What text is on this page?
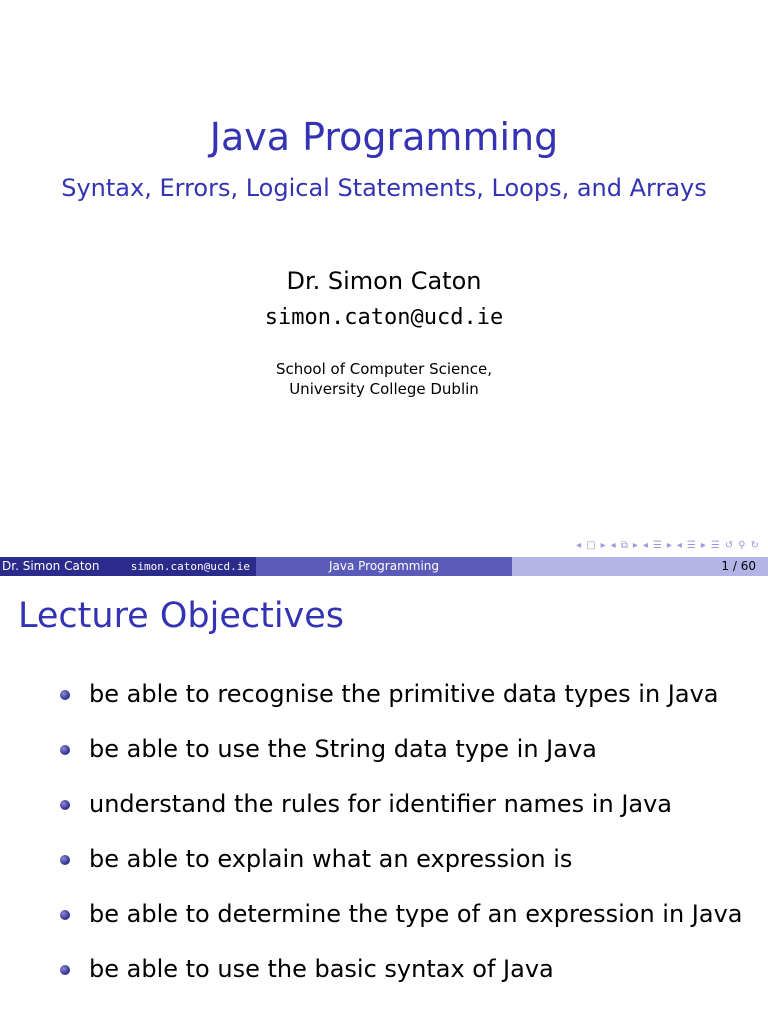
Java Programming
Syntax, Errors, Logical Statements, Loops, and Arrays
Dr. Simon Caton
simon.caton@ucd.ie
School of Computer Science,
University College Dublin
◂ □ ▸ ◂ ⧉ ▸ ◂ ☰ ▸ ◂ ☰ ▸ ☰ ↺ ⚲ ↻
Dr. Simon Caton	simon.caton@ucd.ie	Java Programming	1 / 60
Lecture Objectives
be able to recognise the primitive data types in Java
be able to use the String data type in Java
understand the rules for identifier names in Java
be able to explain what an expression is
be able to determine the type of an expression in Java
be able to use the basic syntax of Java
